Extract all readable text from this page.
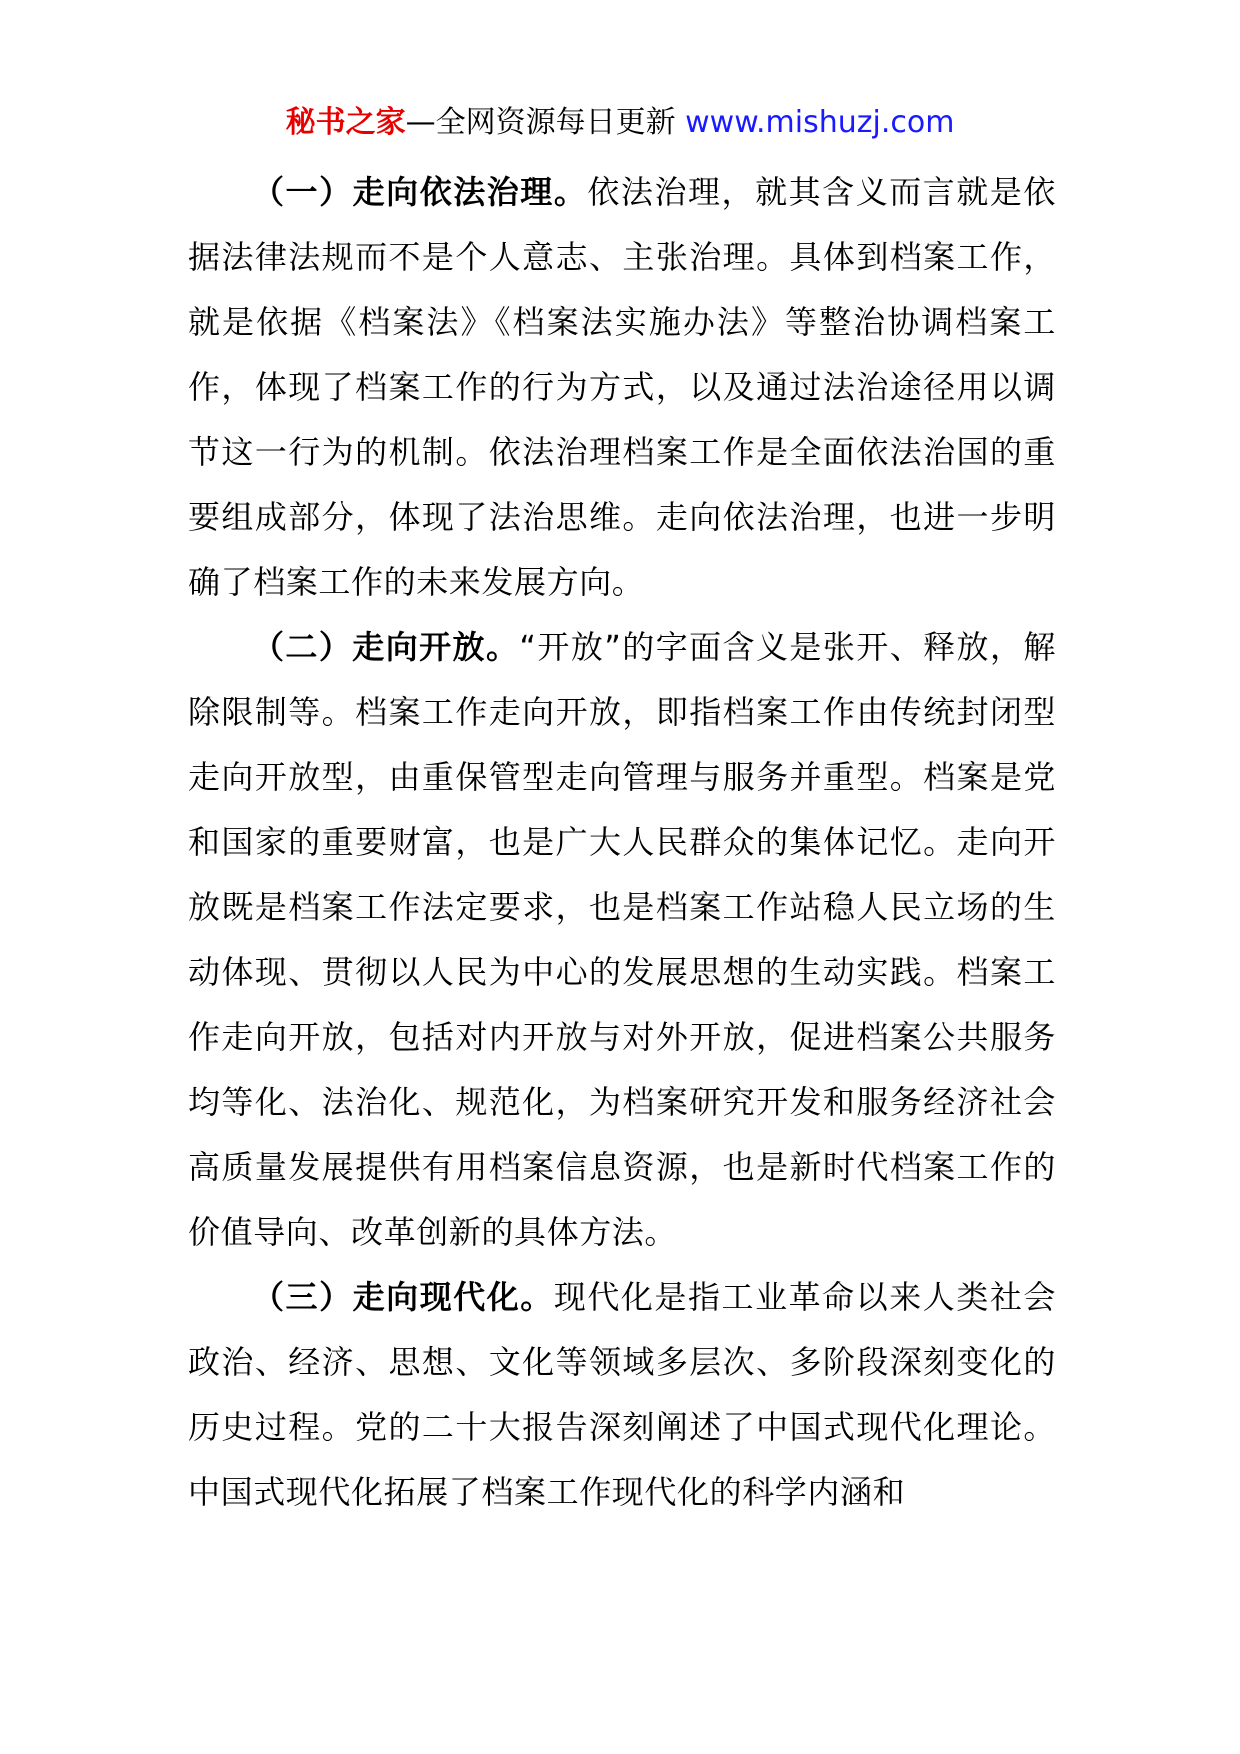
秘书之家—全网资源每日更新 www.mishuzj.com

（一）走向依法治理。依法治理，就其含义而言就是依据法律法规而不是个人意志、主张治理。具体到档案工作，就是依据《档案法》《档案法实施办法》等整治协调档案工作，体现了档案工作的行为方式，以及通过法治途径用以调节这一行为的机制。依法治理档案工作是全面依法治国的重要组成部分，体现了法治思维。走向依法治理，也进一步明确了档案工作的未来发展方向。

（二）走向开放。“开放”的字面含义是张开、释放，解除限制等。档案工作走向开放，即指档案工作由传统封闭型走向开放型，由重保管型走向管理与服务并重型。档案是党和国家的重要财富，也是广大人民群众的集体记忆。走向开放既是档案工作法定要求，也是档案工作站稳人民立场的生动体现、贯彻以人民为中心的发展思想的生动实践。档案工作走向开放，包括对内开放与对外开放，促进档案公共服务均等化、法治化、规范化，为档案研究开发和服务经济社会高质量发展提供有用档案信息资源，也是新时代档案工作的价值导向、改革创新的具体方法。

（三）走向现代化。现代化是指工业革命以来人类社会政治、经济、思想、文化等领域多层次、多阶段深刻变化的历史过程。党的二十大报告深刻阐述了中国式现代化理论。中国式现代化拓展了档案工作现代化的科学内涵和
